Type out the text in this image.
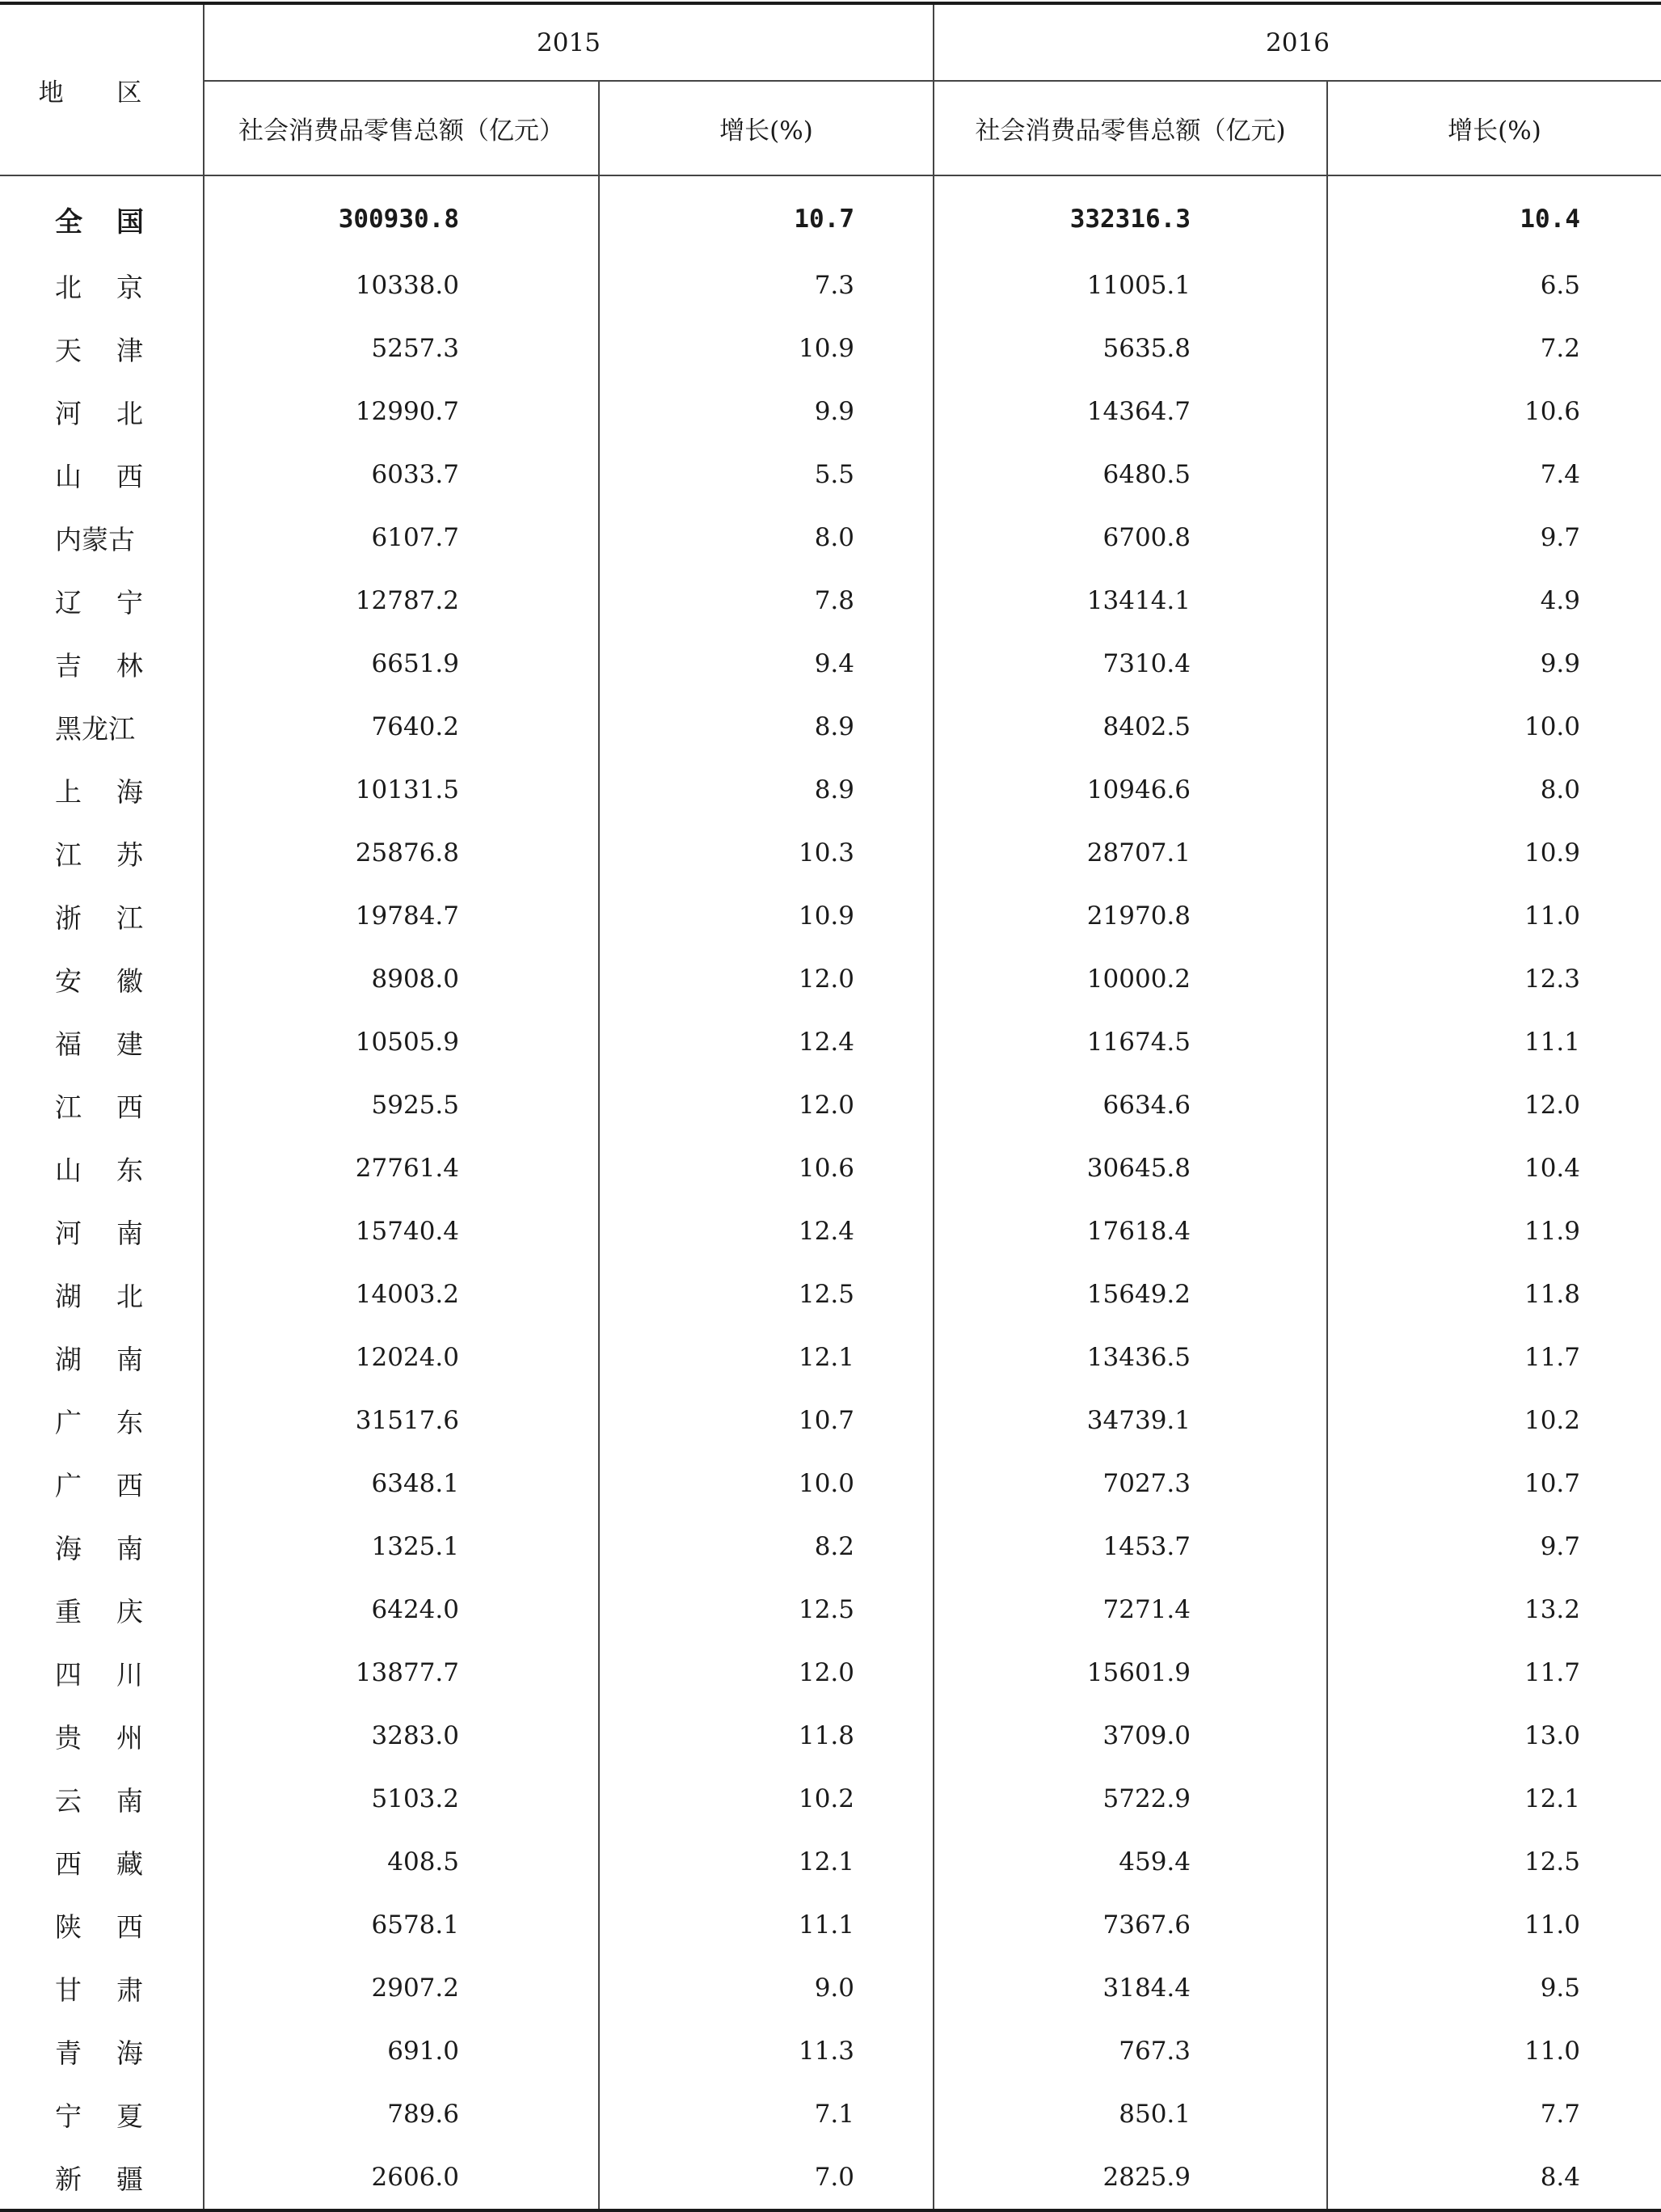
地 区	2015		2016	
	社会消费品零售总额（亿元）	增长(%)	社会消费品零售总额（亿元)	增长(%)
全 国	300930.8	10.7	332316.3	10.4
北 京	10338.0	7.3	11005.1	6.5
天 津	5257.3	10.9	5635.8	7.2
河 北	12990.7	9.9	14364.7	10.6
山 西	6033.7	5.5	6480.5	7.4
内蒙古	6107.7	8.0	6700.8	9.7
辽 宁	12787.2	7.8	13414.1	4.9
吉 林	6651.9	9.4	7310.4	9.9
黑龙江	7640.2	8.9	8402.5	10.0
上 海	10131.5	8.9	10946.6	8.0
江 苏	25876.8	10.3	28707.1	10.9
浙 江	19784.7	10.9	21970.8	11.0
安 徽	8908.0	12.0	10000.2	12.3
福 建	10505.9	12.4	11674.5	11.1
江 西	5925.5	12.0	6634.6	12.0
山 东	27761.4	10.6	30645.8	10.4
河 南	15740.4	12.4	17618.4	11.9
湖 北	14003.2	12.5	15649.2	11.8
湖 南	12024.0	12.1	13436.5	11.7
广 东	31517.6	10.7	34739.1	10.2
广 西	6348.1	10.0	7027.3	10.7
海 南	1325.1	8.2	1453.7	9.7
重 庆	6424.0	12.5	7271.4	13.2
四 川	13877.7	12.0	15601.9	11.7
贵 州	3283.0	11.8	3709.0	13.0
云 南	5103.2	10.2	5722.9	12.1
西 藏	408.5	12.1	459.4	12.5
陕 西	6578.1	11.1	7367.6	11.0
甘 肃	2907.2	9.0	3184.4	9.5
青 海	691.0	11.3	767.3	11.0
宁 夏	789.6	7.1	850.1	7.7
新 疆	2606.0	7.0	2825.9	8.4
